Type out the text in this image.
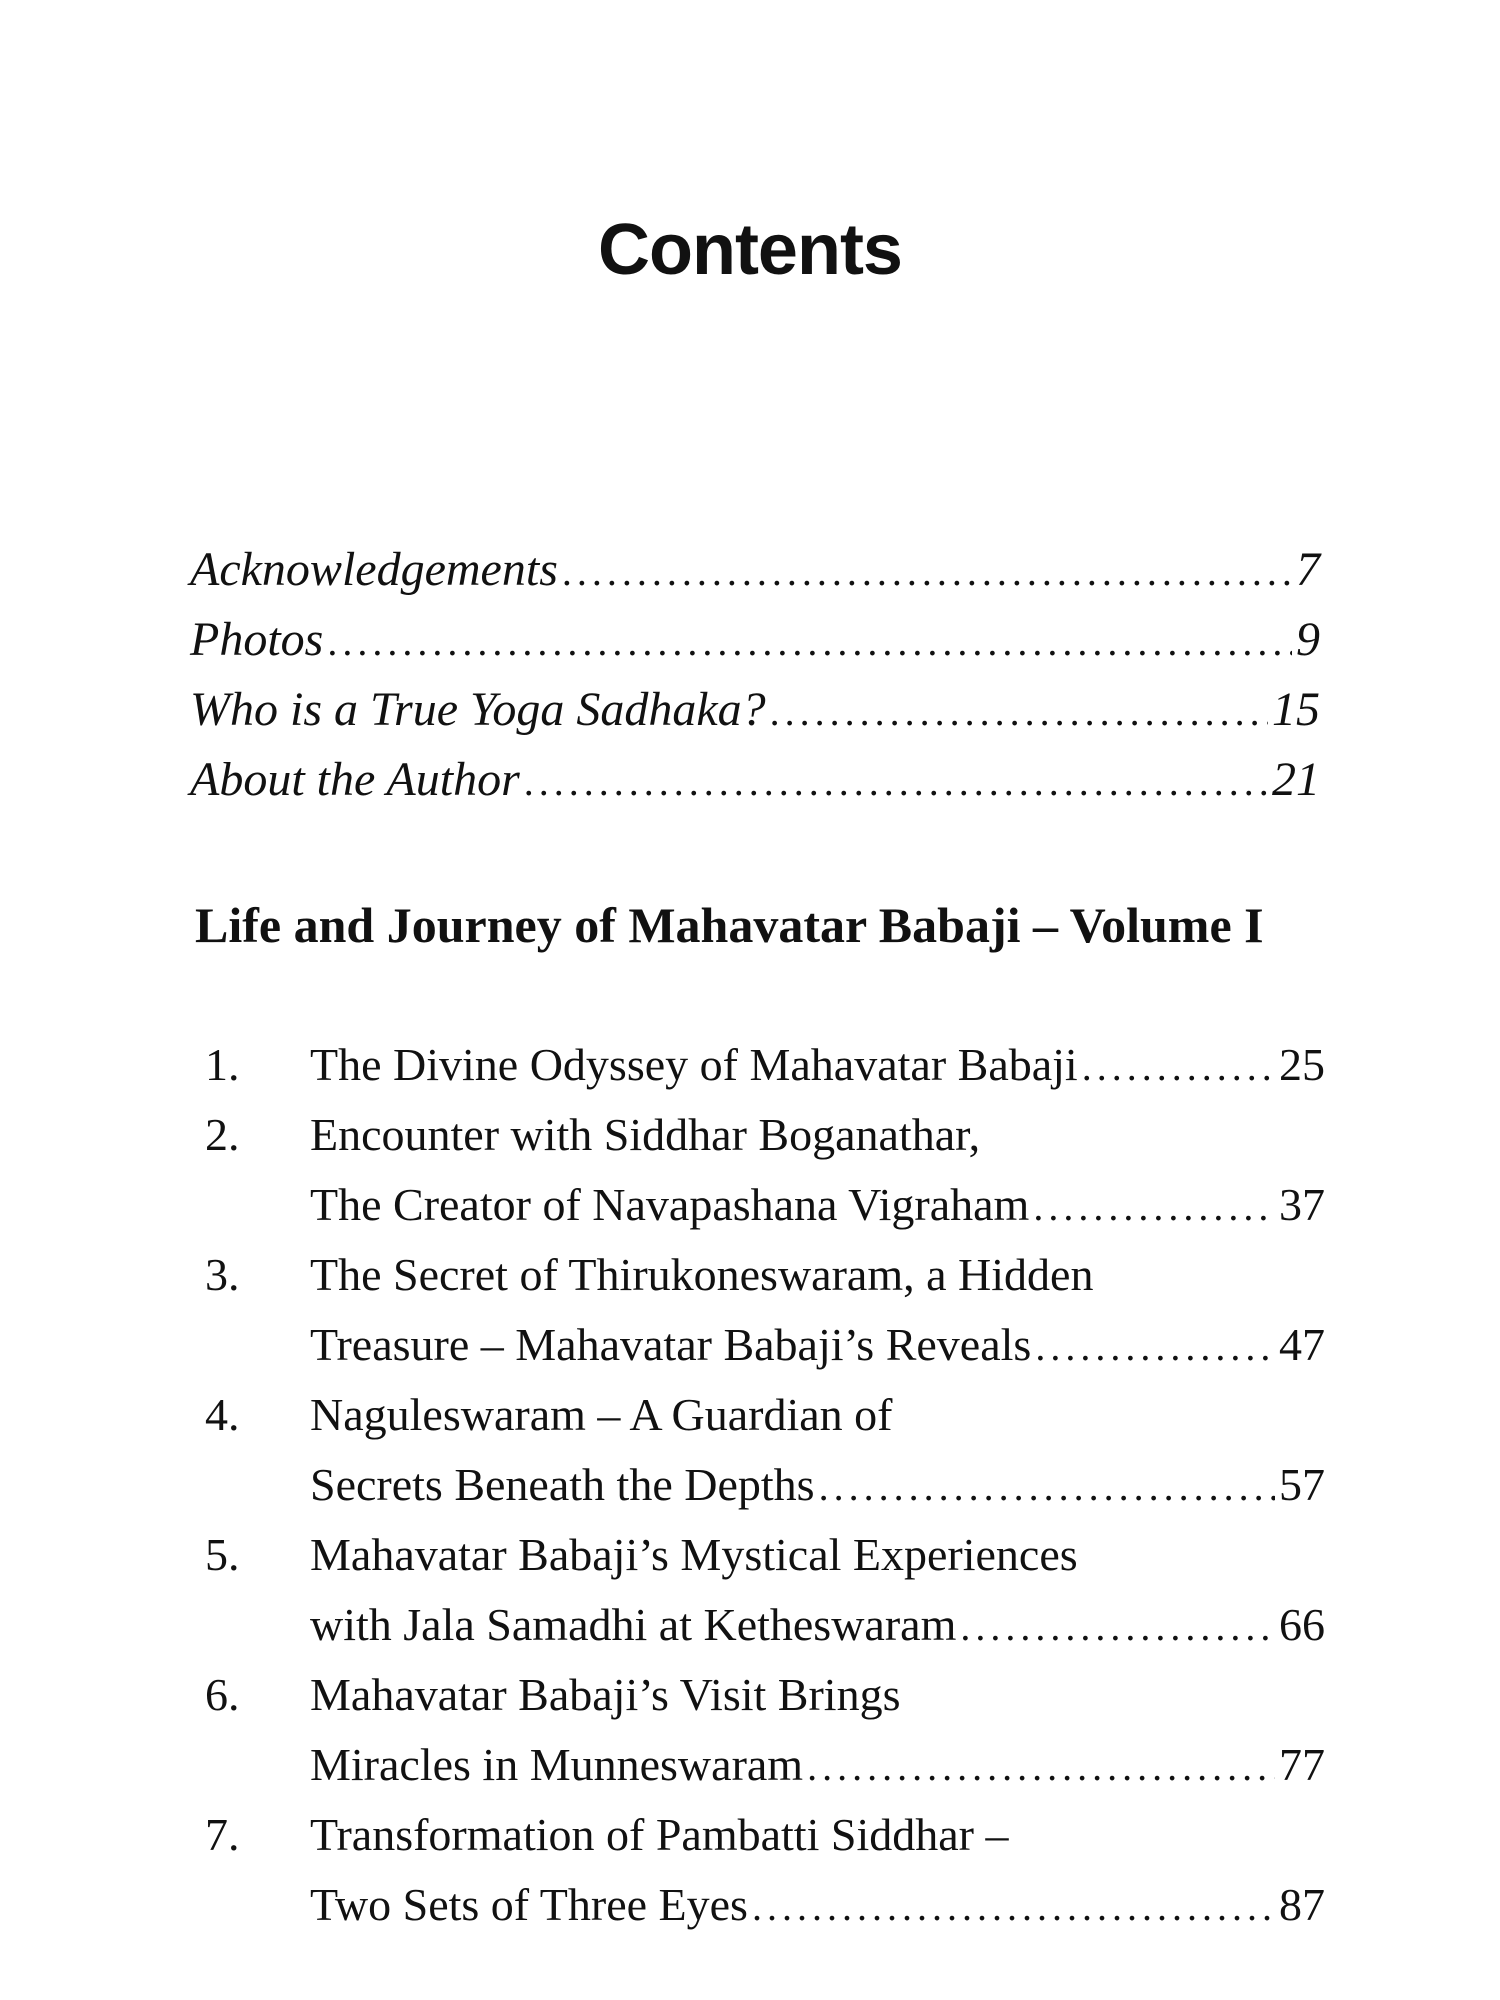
Contents
Acknowledgements .....	7
Photos .....	9
Who is a True Yoga Sadhaka? .....	15
About the Author .....	21
Life and Journey of Mahavatar Babaji – Volume I
1.	The Divine Odyssey of Mahavatar Babaji .....	25
2.	Encounter with Siddhar Boganathar,
The Creator of Navapashana Vigraham .....	37
3.	The Secret of Thirukoneswaram, a Hidden
Treasure – Mahavatar Babaji’s Reveals .....	47
4.	Naguleswaram – A Guardian of
Secrets Beneath the Depths .....	57
5.	Mahavatar Babaji’s Mystical Experiences
with Jala Samadhi at Ketheswaram .....	66
6.	Mahavatar Babaji’s Visit Brings
Miracles in Munneswaram .....	77
7.	Transformation of Pambatti Siddhar –
Two Sets of Three Eyes .....	87
